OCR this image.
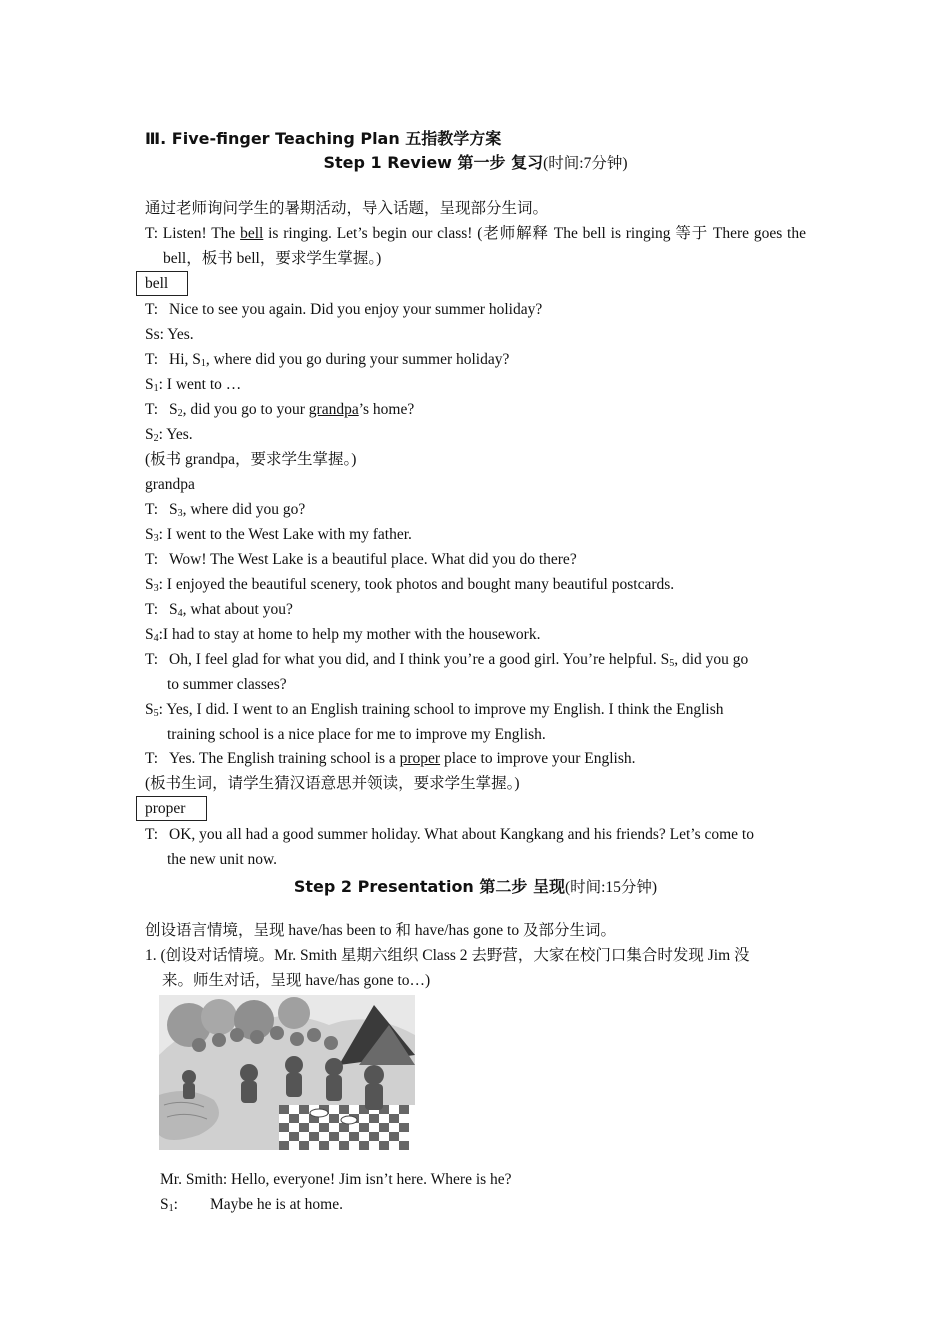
Ⅲ. Five-finger Teaching Plan 五指教学方案
Step 1 Review 第一步 复习(时间:7分钟)
通过老师询问学生的暑期活动，导入话题，呈现部分生词。
T: Listen! The bell is ringing. Let’s begin our class! (老师解释 The bell is ringing 等于 There goes the bell，板书 bell，要求学生掌握。)
bell
T: Nice to see you again. Did you enjoy your summer holiday?
Ss: Yes.
T: Hi, $S_1$, where did you go during your summer holiday?
$S_1$: I went to …
T: $S_2$, did you go to your grandpa’s home?
$S_2$: Yes.
(板书 grandpa，要求学生掌握。)
grandpa
T: $S_3$, where did you go?
$S_3$: I went to the West Lake with my father.
T: Wow! The West Lake is a beautiful place. What did you do there?
$S_3$: I enjoyed the beautiful scenery, took photos and bought many beautiful postcards.
T: $S_4$, what about you?
$S_4:I$ had to stay at home to help my mother with the housework.
T: Oh, I feel glad for what you did, and I think you’re a good girl. You’re helpful. $S_5$, did you go
to summer classes?
$S_5$: Yes, I did. I went to an English training school to improve my English. I think the English
training school is a nice place for me to improve my English.
T: Yes. The English training school is a proper place to improve your English.
(板书生词，请学生猜汉语意思并领读，要求学生掌握。)
proper
T: OK, you all had a good summer holiday. What about Kangkang and his friends? Let’s come to
the new unit now.
Step 2 Presentation 第二步 呈现(时间:15分钟)
创设语言情境，呈现 have/has been to 和 have/has gone to 及部分生词。
1. (创设对话情境。Mr. Smith 星期六组织 Class 2 去野营，大家在校门口集合时发现 Jim 没
来。师生对话，呈现 have/has gone to…)
Mr. Smith: Hello, everyone! Jim isn’t here. Where is he?
$S_1$: Maybe he is at home.
